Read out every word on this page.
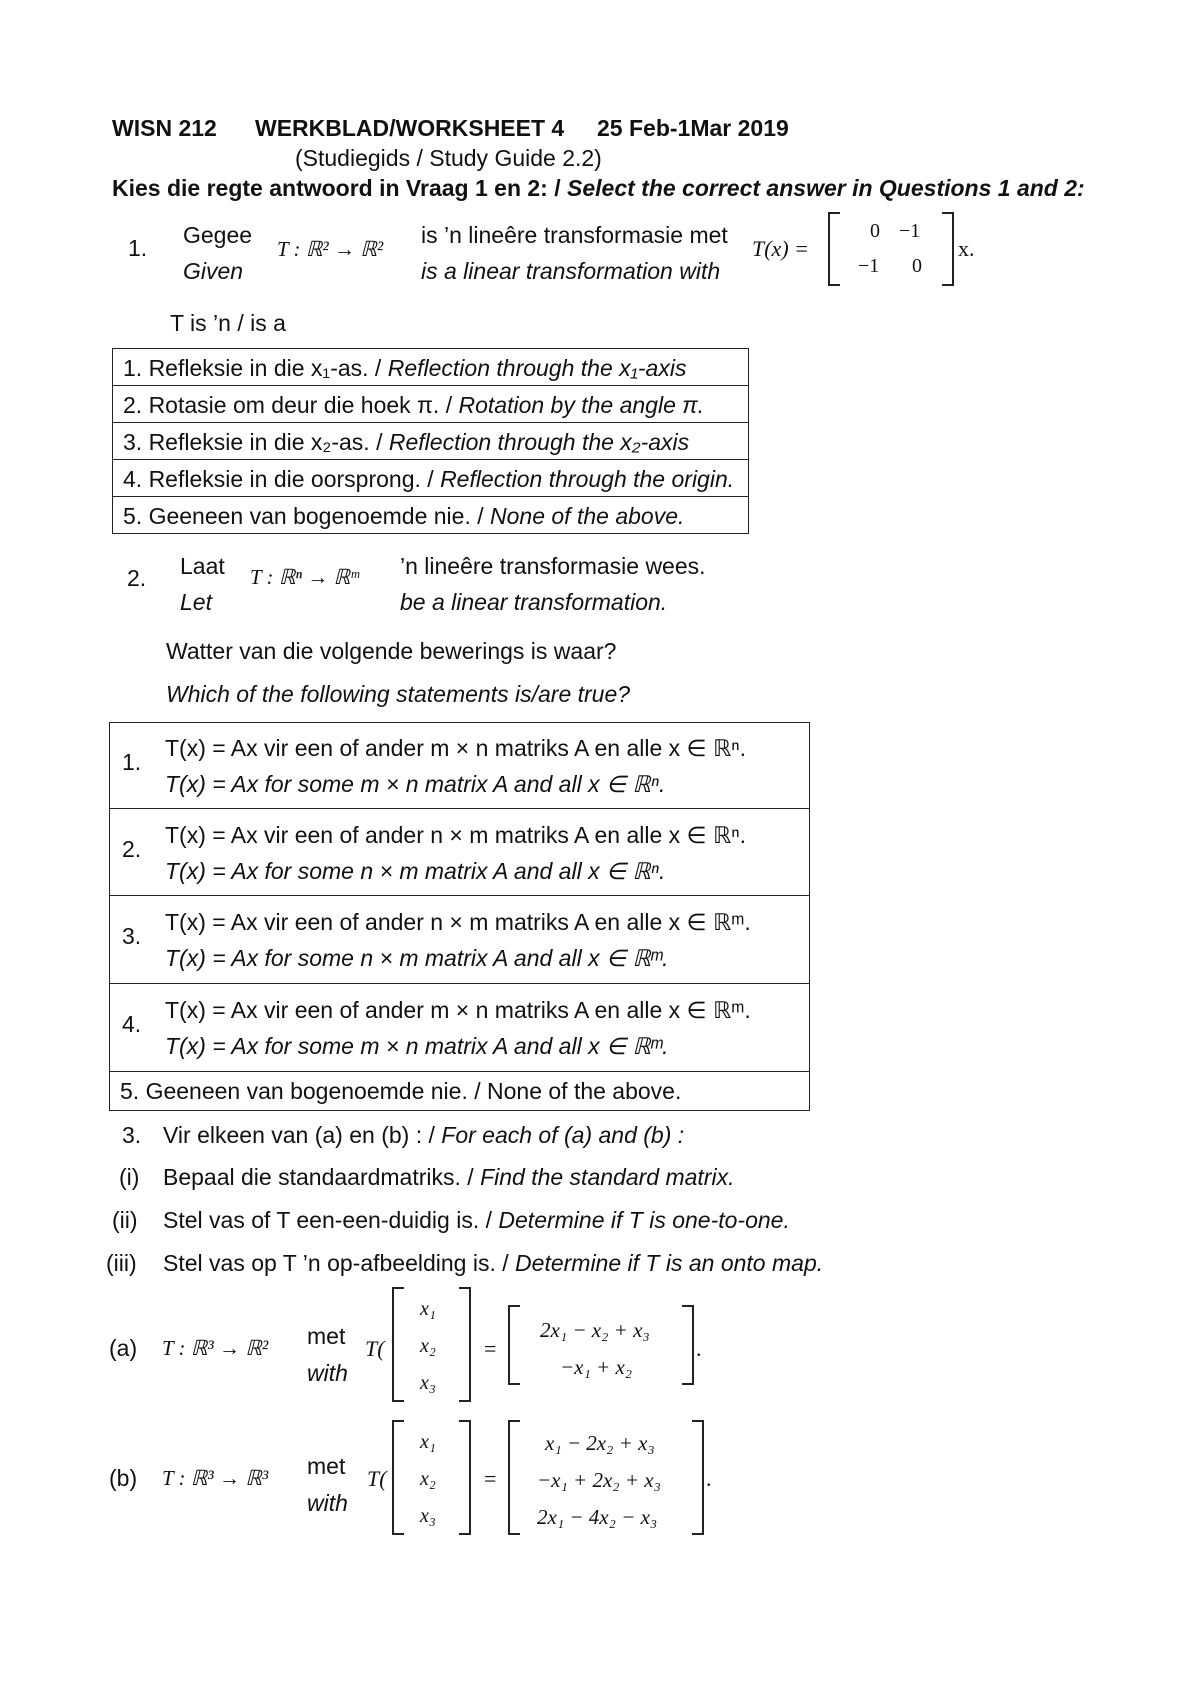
WISN 212 WERKBLAD/WORKSHEET 4 25 Feb-1Mar 2019
(Studiegids / Study Guide 2.2)
Kies die regte antwoord in Vraag 1 en 2: / Select the correct answer in Questions 1 and 2:
1. Gegee
Given
T : ℝ² → ℝ²
is ’n lineêre transformasie met
is a linear transformation with
T(x) =
0 −1
−1 0
x.
T is ’n / is a
1. Refleksie in die x₁-as. / Reflection through the x₁-axis
2. Rotasie om deur die hoek π. / Rotation by the angle π.
3. Refleksie in die x₂-as. / Reflection through the x₂-axis
4. Refleksie in die oorsprong. / Reflection through the origin.
5. Geeneen van bogenoemde nie. / None of the above.
2. Laat
Let
T : ℝⁿ → ℝᵐ ’n lineêre transformasie wees.
be a linear transformation.
Watter van die volgende bewerings is waar?
Which of the following statements is/are true?
1.
T(x) = Ax vir een of ander m × n matriks A en alle x ∈ ℝⁿ.
T(x) = Ax for some m × n matrix A and all x ∈ ℝⁿ.
2.
T(x) = Ax vir een of ander n × m matriks A en alle x ∈ ℝⁿ.
T(x) = Ax for some n × m matrix A and all x ∈ ℝⁿ.
3.
T(x) = Ax vir een of ander n × m matriks A en alle x ∈ ℝᵐ.
T(x) = Ax for some n × m matrix A and all x ∈ ℝᵐ.
4.
T(x) = Ax vir een of ander m × n matriks A en alle x ∈ ℝᵐ.
T(x) = Ax for some m × n matrix A and all x ∈ ℝᵐ.
5. Geeneen van bogenoemde nie. / None of the above.
3. Vir elkeen van (a) en (b) : / For each of (a) and (b) :
(i) Bepaal die standaardmatriks. / Find the standard matrix.
(ii) Stel vas of T een-een-duidig is. / Determine if T is one-to-one.
(iii) Stel vas op T ’n op-afbeelding is. / Determine if T is an onto map.
(a) T : ℝ³ → ℝ² met
with
T(
x₁
x₂
x₃
=
2x₁ − x₂ + x₃
−x₁ + x₂
.
(b) T : ℝ³ → ℝ³ met
with
T(
x₁
x₂
x₃
=
x₁ − 2x₂ + x₃
−x₁ + 2x₂ + x₃
2x₁ − 4x₂ − x₃
.
